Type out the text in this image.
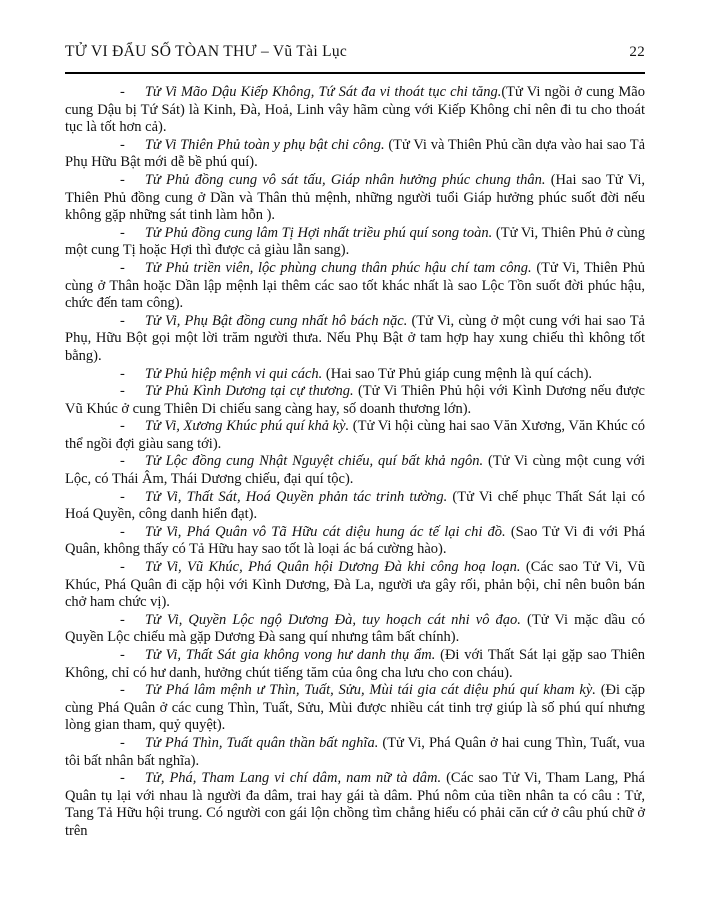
TỬ VI ĐẨU SỐ TÒAN THƯ – Vũ Tài Lục	22

- Tử Vi Mão Dậu Kiếp Không, Tứ Sát đa vi thoát tục chi tăng.(Tử Vi ngồi ở cung Mão cung Dậu bị Tứ Sát) là Kinh, Đà, Hoả, Linh vây hãm cùng với Kiếp Không chỉ nên đi tu cho thoát tục là tốt hơn cả).

- Tử Vi Thiên Phủ toàn y phụ bật chi công. (Tử Vi và Thiên Phủ cần dựa vào hai sao Tả Phụ Hữu Bật mới dễ bề phú quí).

- Tử Phủ đồng cung vô sát tấu, Giáp nhân hưởng phúc chung thân. (Hai sao Tử Vi, Thiên Phủ đồng cung ở Dần và Thân thủ mệnh, những người tuổi Giáp hưởng phúc suốt đời nếu không gặp những sát tinh làm hỗn ).

- Tử Phủ đồng cung lâm Tị Hợi nhất triều phú quí song toàn. (Tử Vi, Thiên Phủ ở cùng một cung Tị hoặc Hợi thì được cả giàu lẫn sang).

- Tử Phủ triền viên, lộc phùng chung thân phúc hậu chí tam công. (Tử Vi, Thiên Phủ cùng ở Thân hoặc Dần lập mệnh lại thêm các sao tốt khác nhất là sao Lộc Tồn suốt đời phúc hậu, chức đến tam công).

- Tử Vi, Phụ Bật đồng cung nhất hô bách nặc. (Tử Vi, cùng ở một cung với hai sao Tả Phụ, Hữu Bột gọi một lời trăm người thưa. Nếu Phụ Bật ở tam hợp hay xung chiếu thì không tốt bằng).

- Tử Phủ hiệp mệnh vi qui cách. (Hai sao Tử Phủ giáp cung mệnh là quí cách).

- Tử Phủ Kình Dương tại cự thương. (Tử Vi Thiên Phủ hội với Kình Dương nếu được Vũ Khúc ở cung Thiên Di chiếu sang càng hay, số doanh thương lớn).

- Tử Vi, Xương Khúc phú quí khả kỳ. (Tử Vi hội cùng hai sao Văn Xương, Văn Khúc có thể ngồi đợi giàu sang tới).

- Tử Lộc đồng cung Nhật Nguyệt chiếu, quí bất khả ngôn. (Tử Vi cùng một cung với Lộc, có Thái Âm, Thái Dương chiếu, đại quí tộc).

- Tử Vi, Thất Sát, Hoá Quyền phản tác trinh tường. (Tử Vi chế phục Thất Sát lại có Hoá Quyền, công danh hiển đạt).

- Tử Vi, Phá Quân vô Tã Hữu cát diệu hung ác tế lại chi đồ. (Sao Tử Vi đi với Phá Quân, không thấy có Tả Hữu hay sao tốt là loại ác bá cường hào).

- Tử Vi, Vũ Khúc, Phá Quân hội Dương Đà khi công hoạ loạn. (Các sao Tử Vi, Vũ Khúc, Phá Quân đi cặp hội với Kình Dương, Đà La, người ưa gây rối, phản bội, chỉ nên buôn bán chở ham chức vị).

- Tử Vi, Quyền Lộc ngộ Dương Đà, tuy hoạch cát nhi vô đạo. (Tử Vi mặc dầu có Quyền Lộc chiếu mà gặp Dương Đà sang quí nhưng tâm bất chính).

- Tử Vi, Thất Sát gia không vong hư danh thụ ẩm. (Đi với Thất Sát lại gặp sao Thiên Không, chỉ có hư danh, hưởng chút tiếng tăm của ông cha lưu cho con cháu).

- Tử Phá lâm mệnh ư Thìn, Tuất, Sửu, Mùi tái gia cát diệu phú quí kham kỳ. (Đi cặp cùng Phá Quân ở các cung Thìn, Tuất, Sửu, Mùi được nhiều cát tinh trợ giúp là số phú quí nhưng lòng gian tham, quỷ quyệt).

- Tử Phá Thìn, Tuất quân thần bất nghĩa. (Tử Vi, Phá Quân ở hai cung Thìn, Tuất, vua tôi bất nhân bất nghĩa).

- Tử, Phá, Tham Lang vi chí dâm, nam nữ tà dâm. (Các sao Tử Vi, Tham Lang, Phá Quân tụ lại với nhau là người đa dâm, trai hay gái tà dâm. Phú nôm của tiền nhân ta có câu : Tử, Tang Tả Hữu hội trung. Có người con gái lộn chồng tìm chẳng hiểu có phải căn cứ ở câu phú chữ ở trên
